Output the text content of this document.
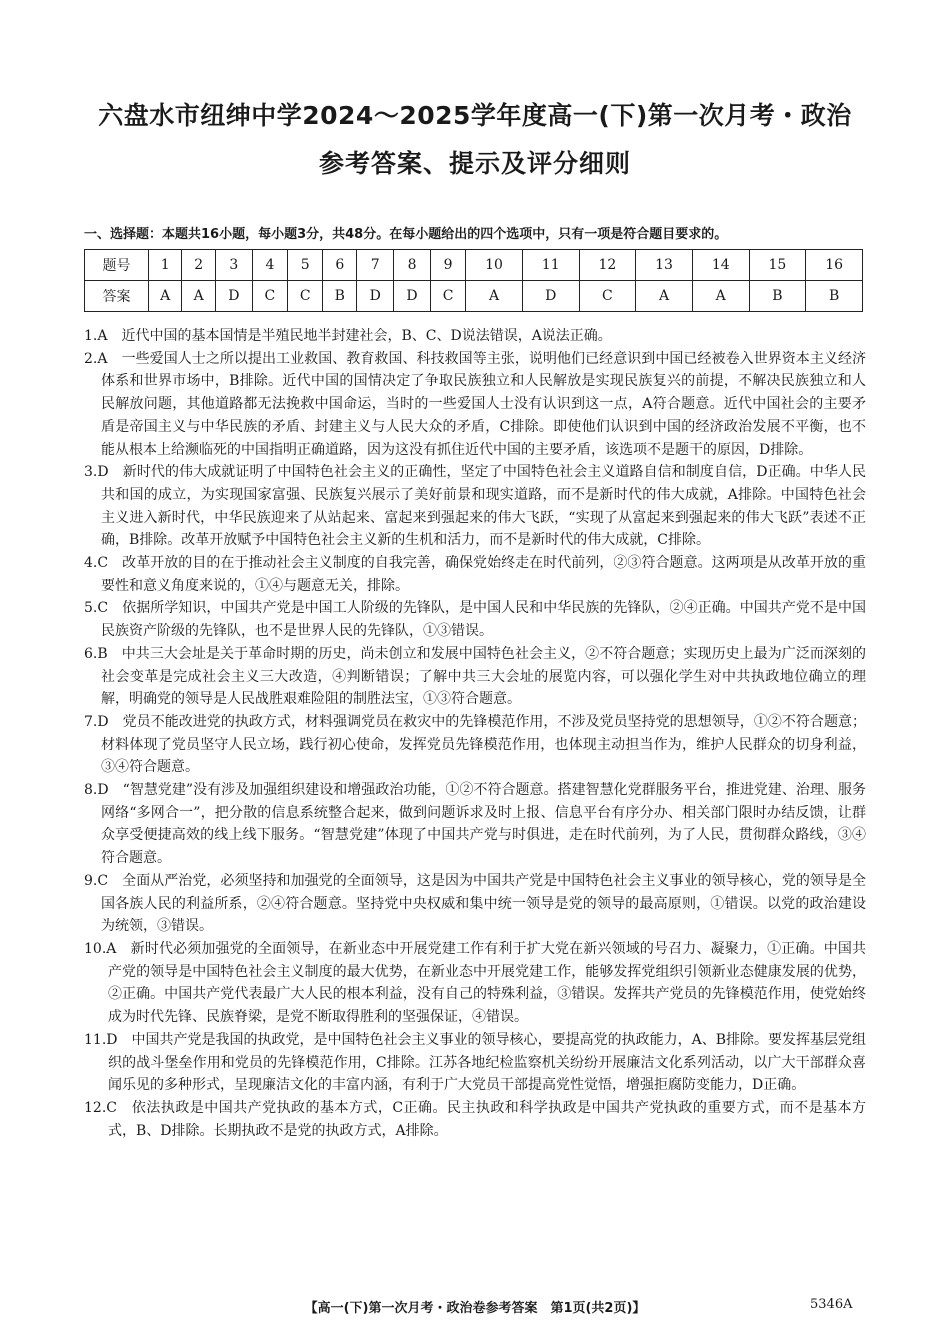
六盘水市纽绅中学2024～2025学年度高一(下)第一次月考・政治
参考答案、提示及评分细则
一、选择题：本题共16小题，每小题3分，共48分。在每小题给出的四个选项中，只有一项是符合题目要求的。
题号	1	2	3	4	5	6	7	8	9	10	11	12	13	14	15	16
答案	A	A	D	C	C	B	D	D	C	A	D	C	A	A	B	B

1.A　 近代中国的基本国情是半殖民地半封建社会，B、C、D说法错误，A说法正确。

2.A　 一些爱国人士之所以提出工业救国、教育救国、科技救国等主张，说明他们已经意识到中国已经被卷入世界资本主义经济体系和世界市场中，B排除。近代中国的国情决定了争取民族独立和人民解放是实现民族复兴的前提，不解决民族独立和人民解放问题，其他道路都无法挽救中国命运，当时的一些爱国人士没有认识到这一点，A符合题意。近代中国社会的主要矛盾是帝国主义与中华民族的矛盾、封建主义与人民大众的矛盾，C排除。即使他们认识到中国的经济政治发展不平衡，也不能从根本上给濒临死的中国指明正确道路，因为这没有抓住近代中国的主要矛盾，该选项不是题干的原因，D排除。

3.D　 新时代的伟大成就证明了中国特色社会主义的正确性，坚定了中国特色社会主义道路自信和制度自信，D正确。中华人民共和国的成立，为实现国家富强、民族复兴展示了美好前景和现实道路，而不是新时代的伟大成就，A排除。中国特色社会主义进入新时代，中华民族迎来了从站起来、富起来到强起来的伟大飞跃，“实现了从富起来到强起来的伟大飞跃”表述不正确，B排除。改革开放赋予中国特色社会主义新的生机和活力，而不是新时代的伟大成就，C排除。

4.C　 改革开放的目的在于推动社会主义制度的自我完善，确保党始终走在时代前列，②③符合题意。这两项是从改革开放的重要性和意义角度来说的，①④与题意无关，排除。

5.C　 依据所学知识，中国共产党是中国工人阶级的先锋队，是中国人民和中华民族的先锋队，②④正确。中国共产党不是中国民族资产阶级的先锋队，也不是世界人民的先锋队，①③错误。

6.B　 中共三大会址是关于革命时期的历史，尚未创立和发展中国特色社会主义，②不符合题意；实现历史上最为广泛而深刻的社会变革是完成社会主义三大改造，④判断错误；了解中共三大会址的展览内容，可以强化学生对中共执政地位确立的理解，明确党的领导是人民战胜艰难险阻的制胜法宝，①③符合题意。

7.D　 党员不能改进党的执政方式，材料强调党员在救灾中的先锋模范作用，不涉及党员坚持党的思想领导，①②不符合题意；材料体现了党员坚守人民立场，践行初心使命，发挥党员先锋模范作用，也体现主动担当作为，维护人民群众的切身利益，③④符合题意。

8.D　 “智慧党建”没有涉及加强组织建设和增强政治功能，①②不符合题意。搭建智慧化党群服务平台，推进党建、治理、服务网络“多网合一”，把分散的信息系统整合起来，做到问题诉求及时上报、信息平台有序分办、相关部门限时办结反馈，让群众享受便捷高效的线上线下服务。“智慧党建”体现了中国共产党与时俱进，走在时代前列，为了人民，贯彻群众路线，③④符合题意。

9.C　 全面从严治党，必须坚持和加强党的全面领导，这是因为中国共产党是中国特色社会主义事业的领导核心，党的领导是全国各族人民的利益所系，②④符合题意。坚持党中央权威和集中统一领导是党的领导的最高原则，①错误。以党的政治建设为统领，③错误。

10.A　 新时代必须加强党的全面领导，在新业态中开展党建工作有利于扩大党在新兴领域的号召力、凝聚力，①正确。中国共产党的领导是中国特色社会主义制度的最大优势，在新业态中开展党建工作，能够发挥党组织引领新业态健康发展的优势，②正确。中国共产党代表最广大人民的根本利益，没有自己的特殊利益，③错误。发挥共产党员的先锋模范作用，使党始终成为时代先锋、民族脊梁，是党不断取得胜利的坚强保证，④错误。

11.D　 中国共产党是我国的执政党，是中国特色社会主义事业的领导核心，要提高党的执政能力，A、B排除。要发挥基层党组织的战斗堡垒作用和党员的先锋模范作用，C排除。江苏各地纪检监察机关纷纷开展廉洁文化系列活动，以广大干部群众喜闻乐见的多种形式，呈现廉洁文化的丰富内涵，有利于广大党员干部提高党性觉悟，增强拒腐防变能力，D正确。

12.C　 依法执政是中国共产党执政的基本方式，C正确。民主执政和科学执政是中国共产党执政的重要方式，而不是基本方式，B、D排除。长期执政不是党的执政方式，A排除。

【高一(下)第一次月考・政治卷参考答案　第1页(共2页)】	5346A
